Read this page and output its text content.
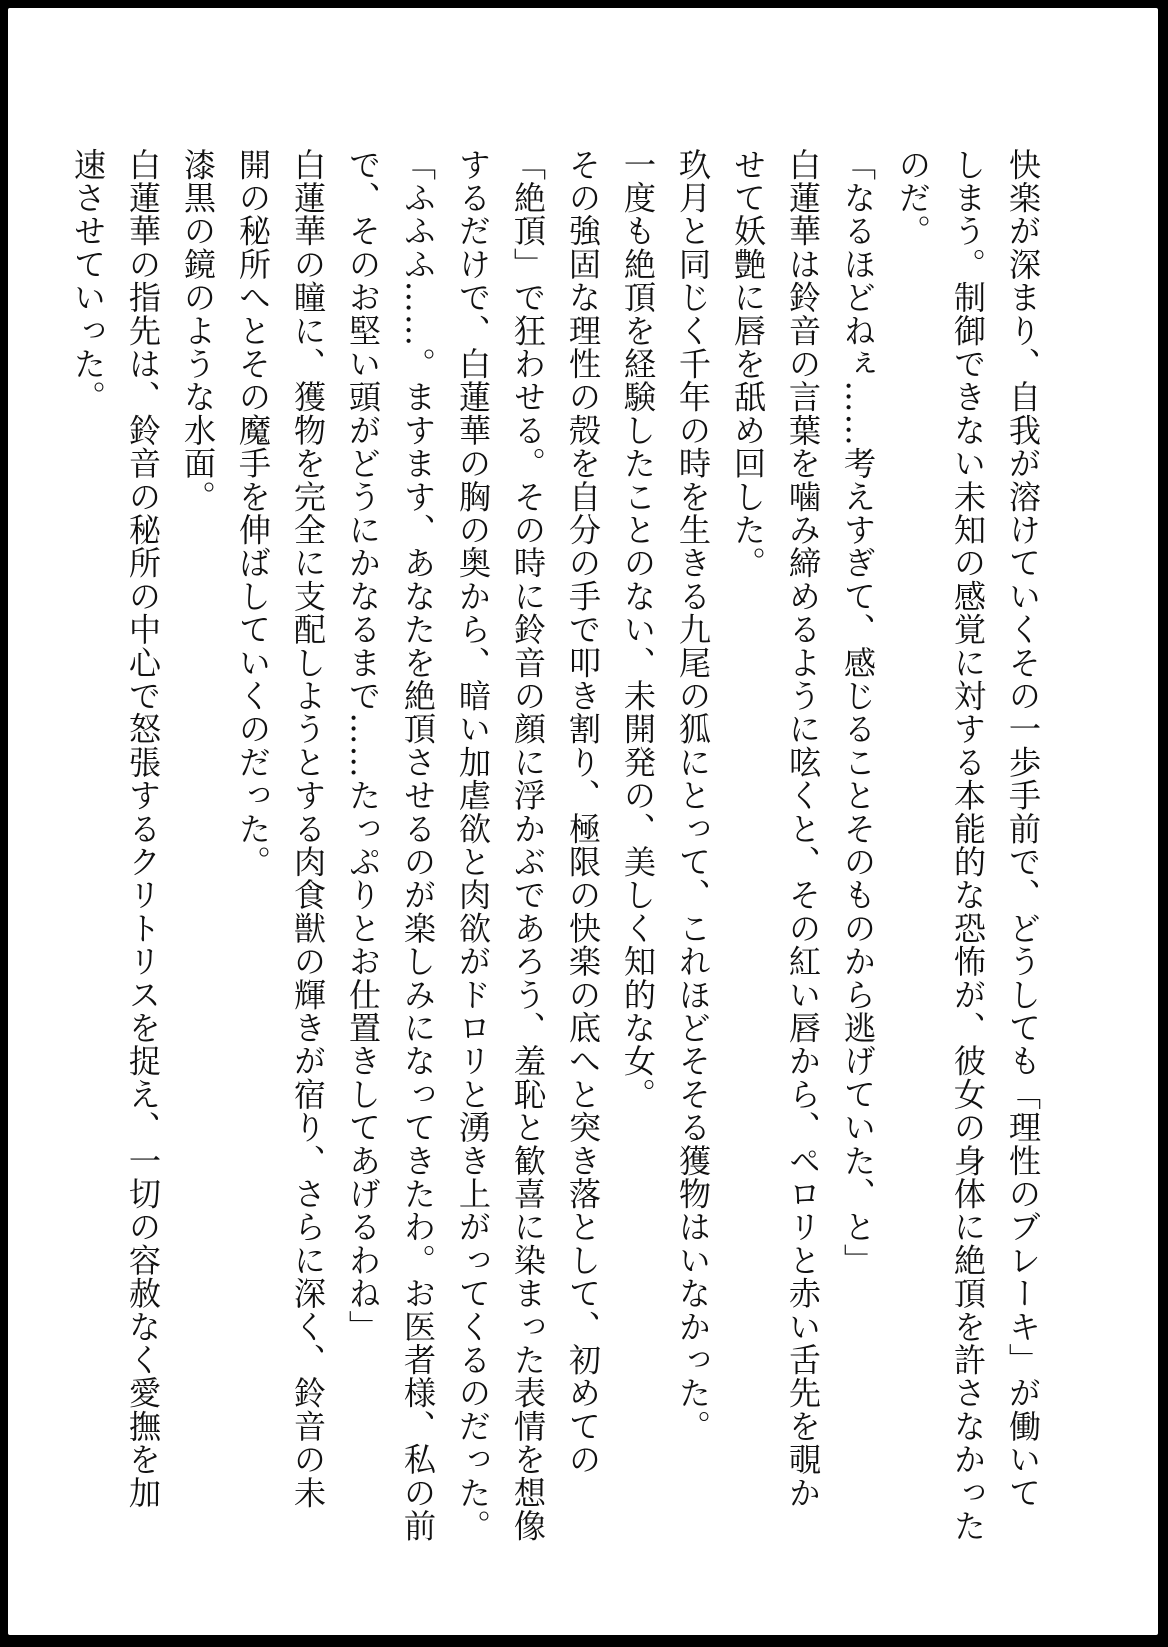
快楽が深まり、自我が溶けていくその一歩手前で、どうしても「理性のブレーキ」が働いて
しまう。制御できない未知の感覚に対する本能的な恐怖が、彼女の身体に絶頂を許さなかった
のだ。
「なるほどねぇ……考えすぎて、感じることそのものから逃げていた、と」
白蓮華は鈴音の言葉を噛み締めるように呟くと、その紅い唇から、ペロリと赤い舌先を覗か
せて妖艶に唇を舐め回した。
玖月と同じく千年の時を生きる九尾の狐にとって、これほどそそる獲物はいなかった。
一度も絶頂を経験したことのない、未開発の、美しく知的な女。
その強固な理性の殻を自分の手で叩き割り、極限の快楽の底へと突き落として、初めての
「絶頂」で狂わせる。その時に鈴音の顔に浮かぶであろう、羞恥と歓喜に染まった表情を想像
するだけで、白蓮華の胸の奥から、暗い加虐欲と肉欲がドロリと湧き上がってくるのだった。
「ふふふ……。ますます、あなたを絶頂させるのが楽しみになってきたわ。お医者様、私の前
で、そのお堅い頭がどうにかなるまで……たっぷりとお仕置きしてあげるわね」
白蓮華の瞳に、獲物を完全に支配しようとする肉食獣の輝きが宿り、さらに深く、鈴音の未
開の秘所へとその魔手を伸ばしていくのだった。
漆黒の鏡のような水面。
白蓮華の指先は、鈴音の秘所の中心で怒張するクリトリスを捉え、一切の容赦なく愛撫を加
速させていった。
